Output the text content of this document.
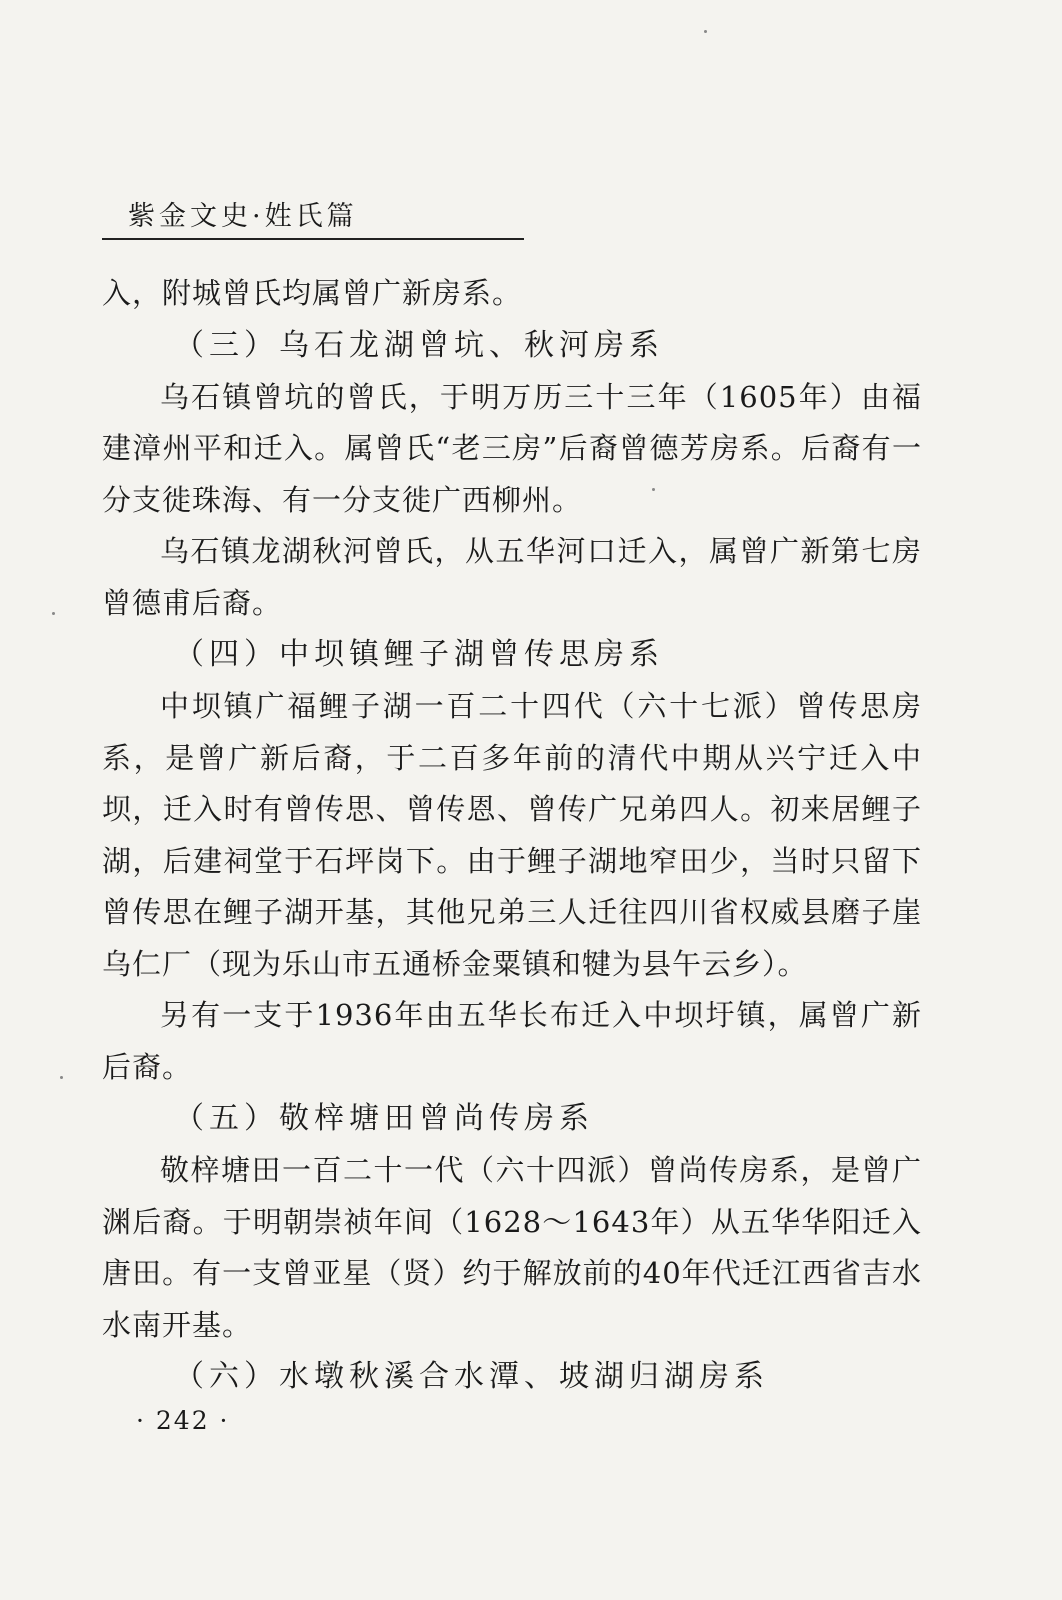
紫金文史·姓氏篇

入，附城曾氏均属曾广新房系。

（三）乌石龙湖曾坑、秋河房系

乌石镇曾坑的曾氏，于明万历三十三年（1605年）由福建漳州平和迁入。属曾氏“老三房”后裔曾德芳房系。后裔有一分支徙珠海、有一分支徙广西柳州。

乌石镇龙湖秋河曾氏，从五华河口迁入，属曾广新第七房曾德甫后裔。

（四）中坝镇鲤子湖曾传思房系

中坝镇广福鲤子湖一百二十四代（六十七派）曾传思房系，是曾广新后裔，于二百多年前的清代中期从兴宁迁入中坝，迁入时有曾传思、曾传恩、曾传广兄弟四人。初来居鲤子湖，后建祠堂于石坪岗下。由于鲤子湖地窄田少，当时只留下曾传思在鲤子湖开基，其他兄弟三人迁往四川省权威县磨子崖乌仁厂（现为乐山市五通桥金粟镇和犍为县午云乡）。

另有一支于1936年由五华长布迁入中坝圩镇，属曾广新后裔。

（五）敬梓塘田曾尚传房系

敬梓塘田一百二十一代（六十四派）曾尚传房系，是曾广渊后裔。于明朝崇祯年间（1628～1643年）从五华华阳迁入唐田。有一支曾亚星（贤）约于解放前的40年代迁江西省吉水水南开基。

（六）水墩秋溪合水潭、坡湖归湖房系
· 242 ·
